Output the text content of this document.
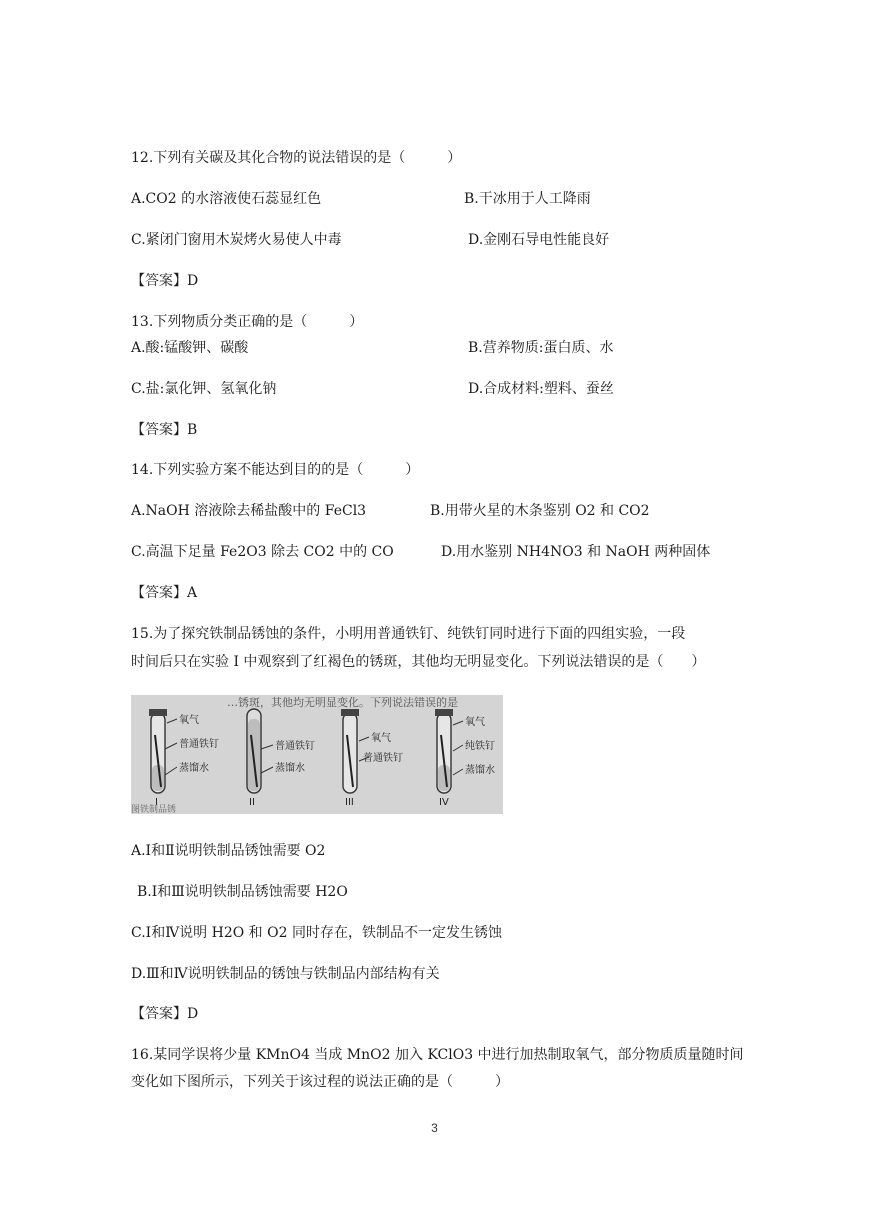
12.下列有关碳及其化合物的说法错误的是（　　　）
A.CO2 的水溶液使石蕊显红色	B.干冰用于人工降雨
C.紧闭门窗用木炭烤火易使人中毒	D.金刚石导电性能良好
【答案】D
13.下列物质分类正确的是（　　　）
A.酸:锰酸钾、碳酸	B.营养物质:蛋白质、水
C.盐:氯化钾、氢氧化钠	D.合成材料:塑料、蚕丝
【答案】B
14.下列实验方案不能达到目的的是（　　　）
A.NaOH 溶液除去稀盐酸中的 FeCl3	B.用带火星的木条鉴别 O2 和 CO2
C.高温下足量 Fe2O3 除去 CO2 中的 CO	D.用水鉴别 NH4NO3 和 NaOH 两种固体
【答案】A
15.为了探究铁制品锈蚀的条件，小明用普通铁钉、纯铁钉同时进行下面的四组实验，一段
时间后只在实验 I 中观察到了红褐色的锈斑，其他均无明显变化。下列说法错误的是（　　）
…锈斑，其他均无明显变化。下列说法错误的是
氧气
普通铁钉
蒸馏水
I
普通铁钉
蒸馏水
II
氧气
普通铁钉
III
氧气
纯铁钉
蒸馏水
IV
图铁制品锈
A.Ⅰ和Ⅱ说明铁制品锈蚀需要 O2
B.Ⅰ和Ⅲ说明铁制品锈蚀需要 H2O
C.Ⅰ和Ⅳ说明 H2O 和 O2 同时存在，铁制品不一定发生锈蚀
D.Ⅲ和Ⅳ说明铁制品的锈蚀与铁制品内部结构有关
【答案】D
16.某同学误将少量 KMnO4 当成 MnO2 加入 KClO3 中进行加热制取氧气，部分物质质量随时间
变化如下图所示，下列关于该过程的说法正确的是（　　　）
3
